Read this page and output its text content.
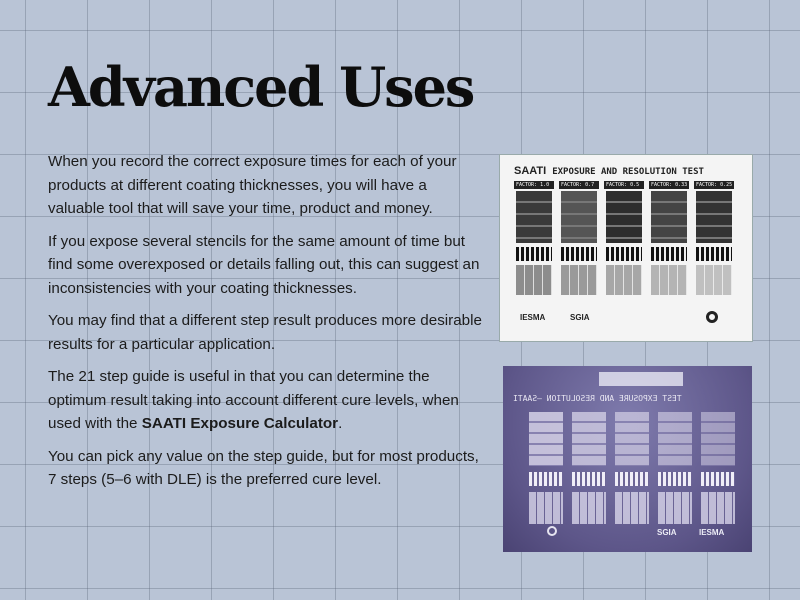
Advanced Uses

When you record the correct exposure times for each of your products at different coating thicknesses, you will have a valuable tool that will save your time, product and money.

If you expose several stencils for the same amount of time but find some overexposed or details falling out, this can suggest an inconsistencies with your coating thicknesses.

You may find that a different step result produces more desirable results for a particular application.

The 21 step guide is useful in that you can determine the optimum result taking into account different cure levels, when used with the SAATI Exposure Calculator.

You can pick any value on the step guide, but for most products, 7 steps (5–6 with DLE) is the preferred cure level.

SAATI EXPOSURE AND RESOLUTION TEST
FACTOR: 1.0	FACTOR: 0.7	FACTOR: 0.5	FACTOR: 0.33	FACTOR: 0.25
IESMA	SGIA
TEST EXPOSURE AND RESOLUTION —SAATI
SGIA	IESMA
